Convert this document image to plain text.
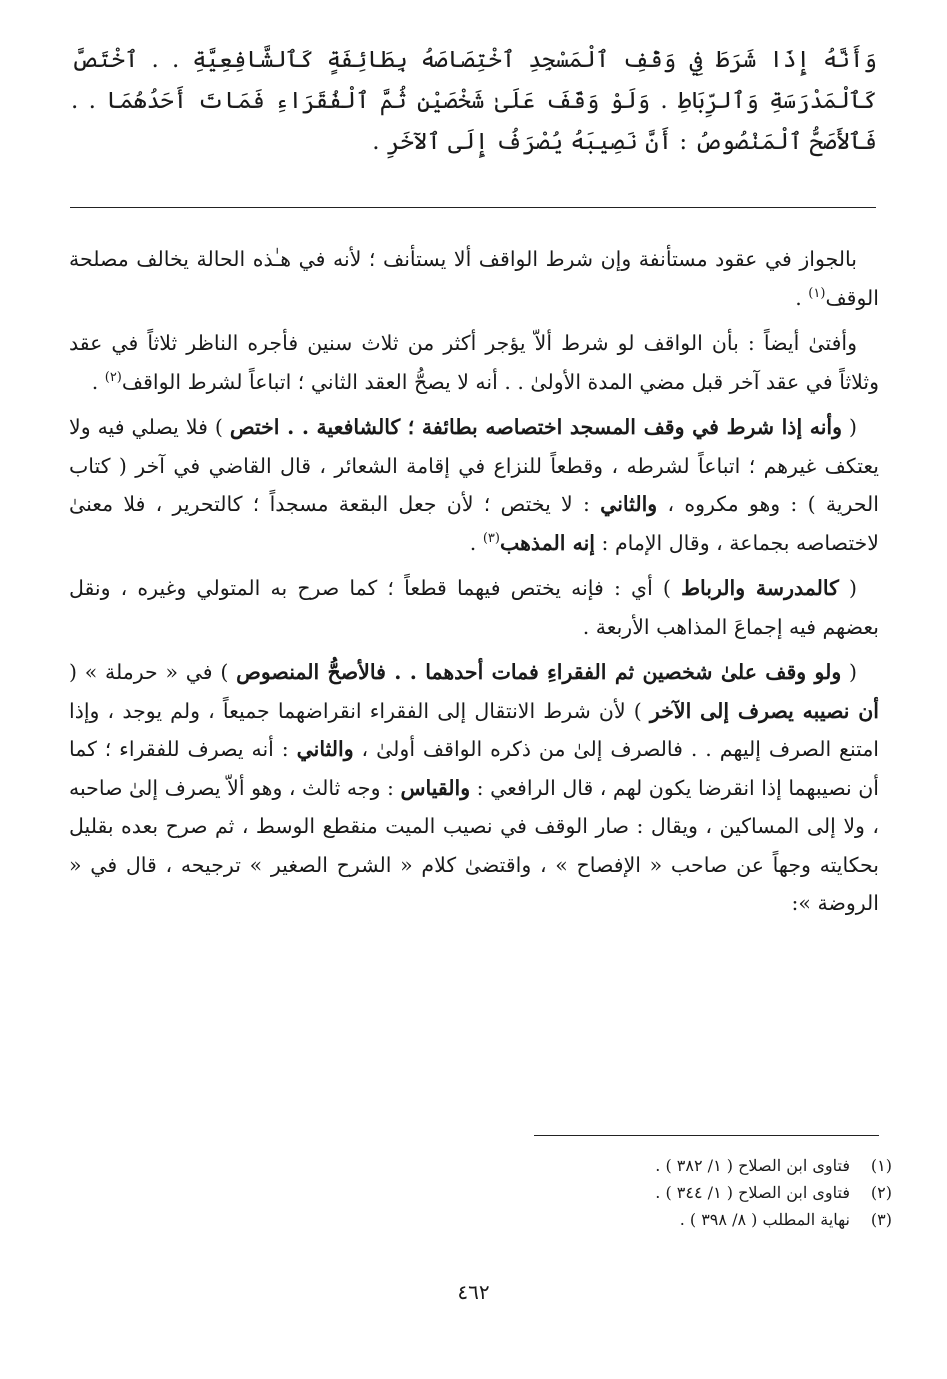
وَأَنَّهُ إِذَا شَرَطَ فِي وَقْفِ ٱلْمَسْجِدِ ٱخْتِصَاصَهُ بِطَائِفَةٍ كَٱلشَّافِعِيَّةِ . . ٱخْتَصَّ كَٱلْمَدْرَسَةِ وَٱلرِّبَاطِ . وَلَوْ وَقَفَ عَلَىٰ شَخْصَيْنِ ثُمَّ ٱلْفُقَرَاءِ فَمَاتَ أَحَدُهُمَا . . فَٱلأَصَحُّ ٱلْمَنْصُوصُ : أَنَّ نَصِيبَهُ يُصْرَفُ إِلَى ٱلآخَرِ .

بالجواز في عقود مستأنفة وإن شرط الواقف ألا يستأنف ؛ لأنه في هـٰذه الحالة يخالف مصلحة الوقف$^{(١)}$ .

وأفتىٰ أيضاً : بأن الواقف لو شرط ألاّ يؤجر أكثر من ثلاث سنين فأجره الناظر ثلاثاً في عقد وثلاثاً في عقد آخر قبل مضي المدة الأولىٰ . . أنه لا يصحُّ العقد الثاني ؛ اتباعاً لشرط الواقف$^{(٢)}$ .

( وأنه إذا شرط في وقف المسجد اختصاصه بطائفة ؛ كالشافعية . . اختص ) فلا يصلي فيه ولا يعتكف غيرهم ؛ اتباعاً لشرطه ، وقطعاً للنزاع في إقامة الشعائر ، قال القاضي في آخر ( كتاب الحرية ) : وهو مكروه ، والثاني : لا يختص ؛ لأن جعل البقعة مسجداً ؛ كالتحرير ، فلا معنىٰ لاختصاصه بجماعة ، وقال الإمام : إنه المذهب$^{(٣)}$ .

( كالمدرسة والرباط ) أي : فإنه يختص فيهما قطعاً ؛ كما صرح به المتولي وغيره ، ونقل بعضهم فيه إجماعَ المذاهب الأربعة .

( ولو وقف علىٰ شخصين ثم الفقراءِ فمات أحدهما . . فالأصحُّ المنصوص ) في « حرملة » ( أن نصيبه يصرف إلى الآخر ) لأن شرط الانتقال إلى الفقراء انقراضهما جميعاً ، ولم يوجد ، وإذا امتنع الصرف إليهم . . فالصرف إلىٰ من ذكره الواقف أولىٰ ، والثاني : أنه يصرف للفقراء ؛ كما أن نصيبهما إذا انقرضا يكون لهم ، قال الرافعي : والقياس : وجه ثالث ، وهو ألاّ يصرف إلىٰ صاحبه ، ولا إلى المساكين ، ويقال : صار الوقف في نصيب الميت منقطع الوسط ، ثم صرح بعده بقليل بحكايته وجهاً عن صاحب « الإفصاح » ، واقتضىٰ كلام « الشرح الصغير » ترجيحه ، قال في « الروضة »:

(١)
فتاوى ابن الصلاح ( ١/ ٣٨٢ ) .
(٢)
فتاوى ابن الصلاح ( ١/ ٣٤٤ ) .
(٣)
نهاية المطلب ( ٨/ ٣٩٨ ) .
٤٦٢
